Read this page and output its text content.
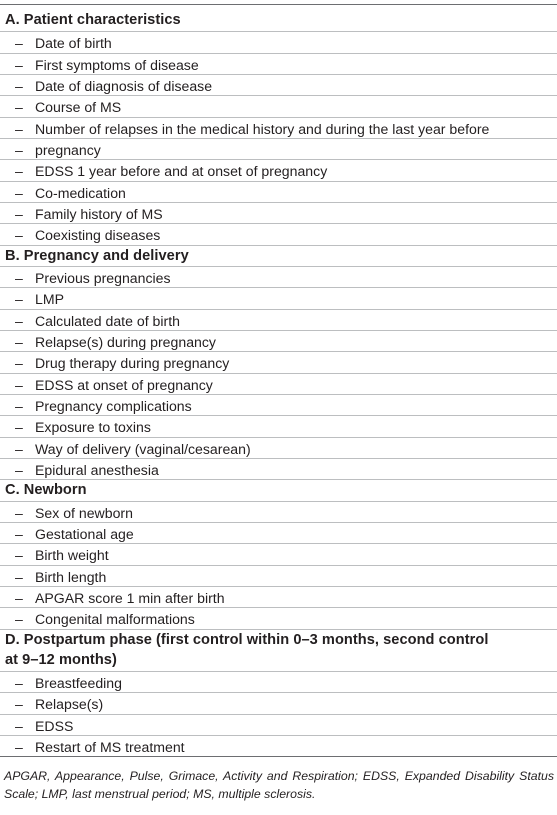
A. Patient characteristics
– Date of birth
– First symptoms of disease
– Date of diagnosis of disease
– Course of MS
– Number of relapses in the medical history and during the last year before
– pregnancy
– EDSS 1 year before and at onset of pregnancy
– Co-medication
– Family history of MS
– Coexisting diseases
B. Pregnancy and delivery
– Previous pregnancies
– LMP
– Calculated date of birth
– Relapse(s) during pregnancy
– Drug therapy during pregnancy
– EDSS at onset of pregnancy
– Pregnancy complications
– Exposure to toxins
– Way of delivery (vaginal/cesarean)
– Epidural anesthesia
C. Newborn
– Sex of newborn
– Gestational age
– Birth weight
– Birth length
– APGAR score 1 min after birth
– Congenital malformations
D. Postpartum phase (first control within 0–3 months, second control
at 9–12 months)
– Breastfeeding
– Relapse(s)
– EDSS
– Restart of MS treatment
APGAR, Appearance, Pulse, Grimace, Activity and Respiration; EDSS, Expanded Disability Status Scale; LMP, last menstrual period; MS, multiple sclerosis.
